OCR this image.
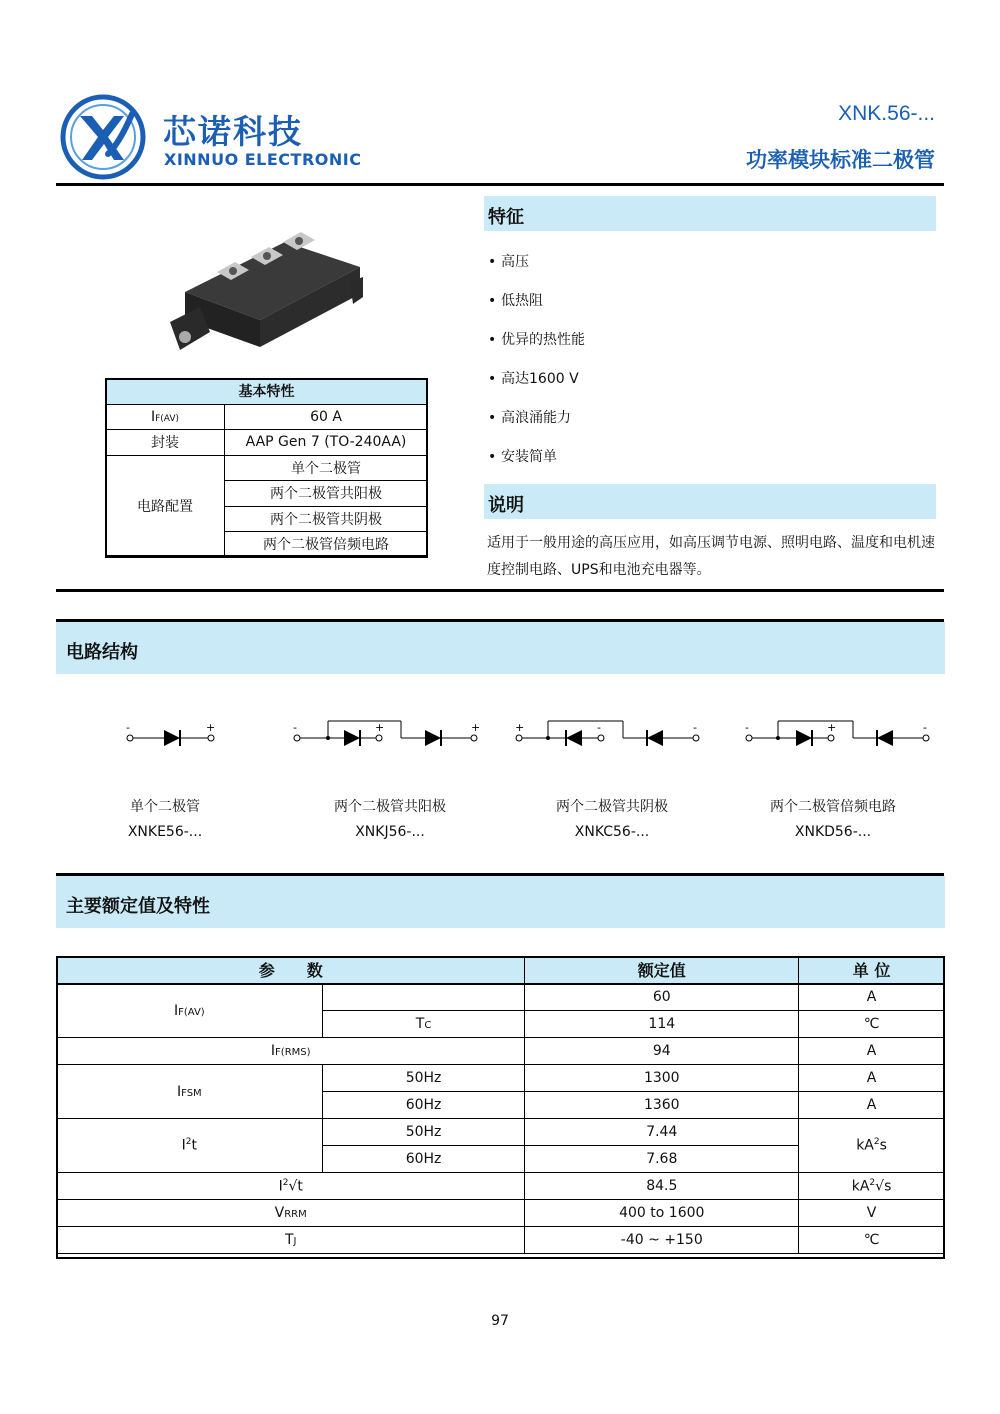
芯诺科技
XINNUO ELECTRONIC
XNK.56-...
功率模块标准二极管
基本特性	
IF(AV)	60 A
封装	AAP Gen 7 (TO-240AA)
电路配置	单个二极管
	两个二极管共阳极
	两个二极管共阴极
	两个二极管倍频电路
特征
• 高压
• 低热阻
• 优异的热性能
• 高达1600 V
• 高浪涌能力
• 安装简单
说明
适用于一般用途的高压应用，如高压调节电源、照明电路、温度和电机速度控制电路、UPS和电池充电器等。
电路结构
-	+	-	+	+	+	-	-	-	+	-
单个二极管
XNKE56-...
两个二极管共阳极
XNKJ56-...
两个二极管共阴极
XNKC56-...
两个二极管倍频电路
XNKD56-...
主要额定值及特性
参　　数		额定值	单 位
IF(AV)		60	A
	TC	114	℃
IF(RMS)		94	A
IFSM	50Hz	1300	A
	60Hz	1360	A
$I^2t$	50Hz	7.44	$kA^2s$
	60Hz	7.68	
$I^2√t$		84.5	$kA^2√s$
VRRM		400 to 1600	V
TJ		-40 ~ +150	℃
97
